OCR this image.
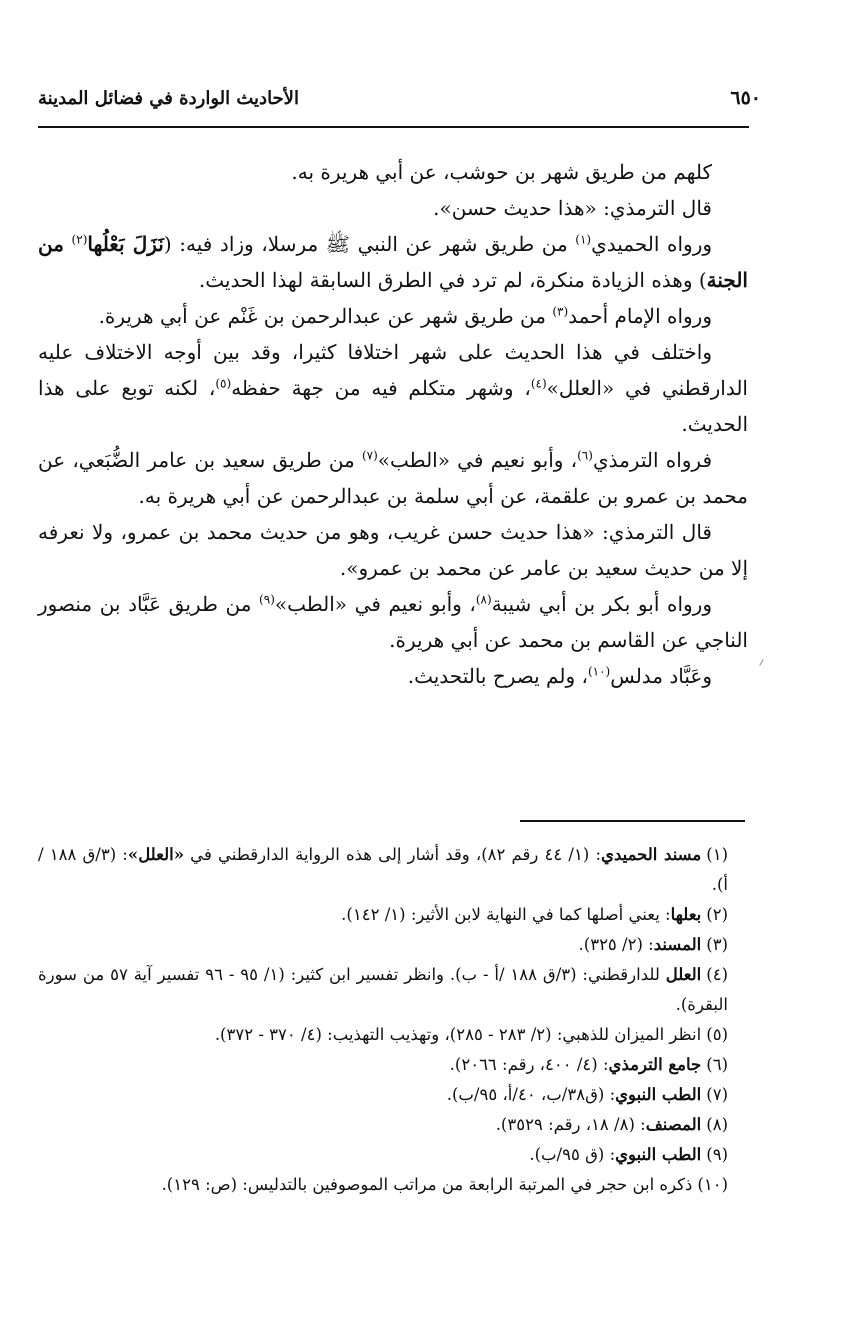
٦٥٠
الأحاديث الواردة في فضائل المدينة

كلهم من طريق شهر بن حوشب، عن أبي هريرة به.

قال الترمذي: «هذا حديث حسن».

ورواه الحميدي$^{(١)}$ من طريق شهر عن النبي ﷺ مرسلا، وزاد فيه: (نَزَلَ بَعْلُها$^{(٢)}$ من الجنة) وهذه الزيادة منكرة، لم ترد في الطرق السابقة لهذا الحديث.

ورواه الإمام أحمد$^{(٣)}$ من طريق شهر عن عبدالرحمن بن غَنْم عن أبي هريرة.

واختلف في هذا الحديث على شهر اختلافا كثيرا، وقد بين أوجه الاختلاف عليه الدارقطني في «العلل»$^{(٤)}$، وشهر متكلم فيه من جهة حفظه$^{(٥)}$، لكنه توبع على هذا الحديث.

فرواه الترمذي$^{(٦)}$، وأبو نعيم في «الطب»$^{(٧)}$ من طريق سعيد بن عامر الضُّبَعي، عن محمد بن عمرو بن علقمة، عن أبي سلمة بن عبدالرحمن عن أبي هريرة به.

قال الترمذي: «هذا حديث حسن غريب، وهو من حديث محمد بن عمرو، ولا نعرفه إلا من حديث سعيد بن عامر عن محمد بن عمرو».

ورواه أبو بكر بن أبي شيبة$^{(٨)}$، وأبو نعيم في «الطب»$^{(٩)}$ من طريق عَبَّاد بن منصور الناجي عن القاسم بن محمد عن أبي هريرة.

وعَبَّاد مدلس$^{(١٠)}$، ولم يصرح بالتحديث.

(١)مسند الحميدي: (١/ ٤٤ رقم ٨٢)، وقد أشار إلى هذه الرواية الدارقطني في «العلل»: (٣/ق ١٨٨ /أ).

(٢)بعلها: يعني أصلها كما في النهاية لابن الأثير: (١/ ١٤٢).

(٣)المسند: (٢/ ٣٢٥).

(٤)العلل للدارقطني: (٣/ق ١٨٨ /أ - ب). وانظر تفسير ابن كثير: (١/ ٩٥ - ٩٦ تفسير آية ٥٧ من سورة البقرة).

(٥)انظر الميزان للذهبي: (٢/ ٢٨٣ - ٢٨٥)، وتهذيب التهذيب: (٤/ ٣٧٠ - ٣٧٢).

(٦)جامع الترمذي: (٤/ ٤٠٠، رقم: ٢٠٦٦).

(٧)الطب النبوي: (ق٣٨/ب، ٤٠/أ، ٩٥/ب).

(٨)المصنف: (٨/ ١٨، رقم: ٣٥٢٩).

(٩)الطب النبوي: (ق ٩٥/ب).

(١٠)ذكره ابن حجر في المرتبة الرابعة من مراتب الموصوفين بالتدليس: (ص: ١٢٩).
